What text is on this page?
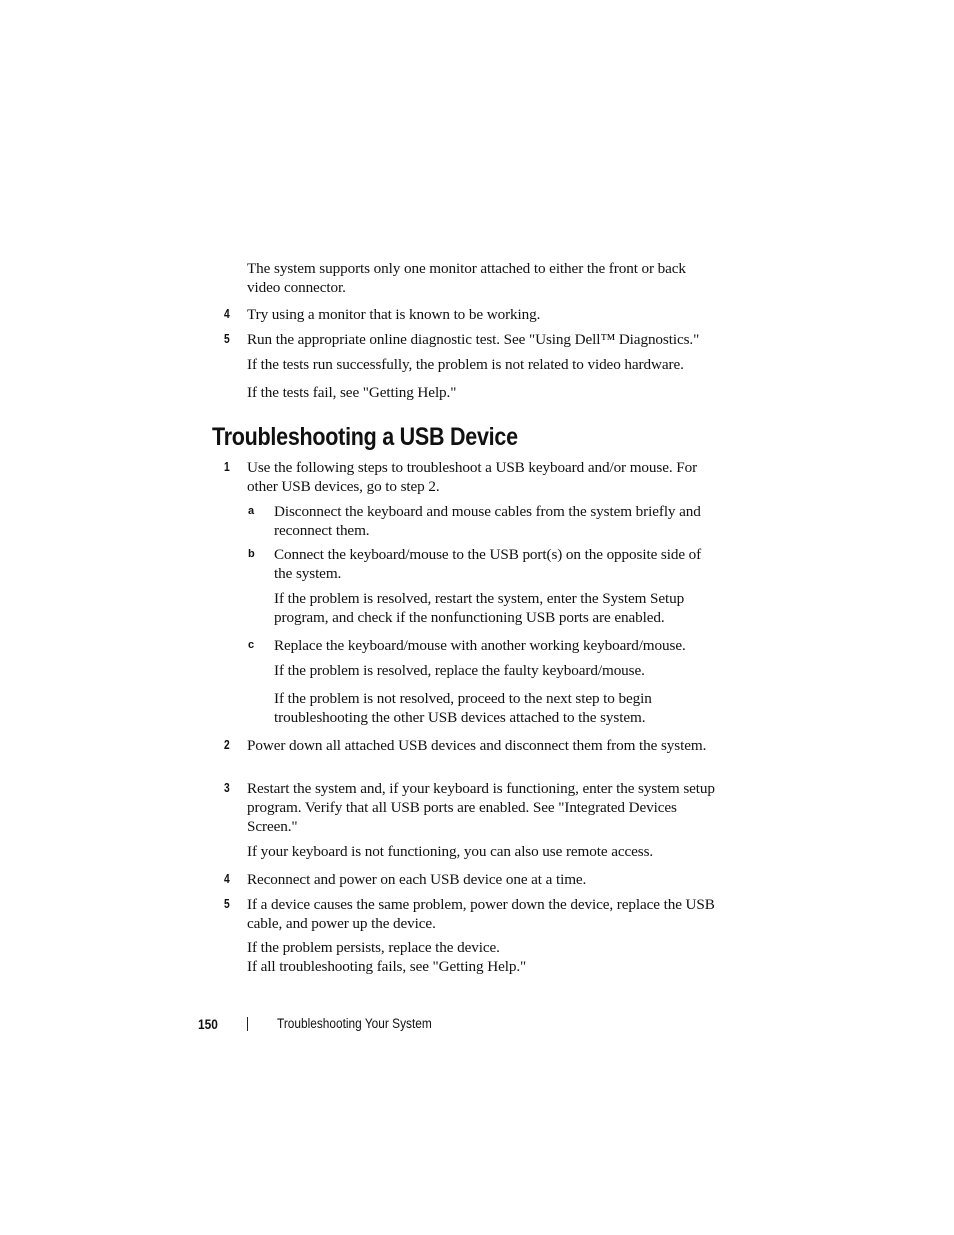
The system supports only one monitor attached to either the front or back video connector.

4 Try using a monitor that is known to be working.

5 Run the appropriate online diagnostic test. See "Using Dell™ Diagnostics."

If the tests run successfully, the problem is not related to video hardware.

If the tests fail, see "Getting Help."

Troubleshooting a USB Device
1 Use the following steps to troubleshoot a USB keyboard and/or mouse. For other USB devices, go to step 2.

a Disconnect the keyboard and mouse cables from the system briefly and reconnect them.

b Connect the keyboard/mouse to the USB port(s) on the opposite side of the system.

If the problem is resolved, restart the system, enter the System Setup program, and check if the nonfunctioning USB ports are enabled.

c Replace the keyboard/mouse with another working keyboard/mouse.

If the problem is resolved, replace the faulty keyboard/mouse.

If the problem is not resolved, proceed to the next step to begin troubleshooting the other USB devices attached to the system.

2 Power down all attached USB devices and disconnect them from the system.

3 Restart the system and, if your keyboard is functioning, enter the system setup program. Verify that all USB ports are enabled. See "Integrated Devices Screen."

If your keyboard is not functioning, you can also use remote access.

4 Reconnect and power on each USB device one at a time.

5 If a device causes the same problem, power down the device, replace the USB cable, and power up the device.

If the problem persists, replace the device.

If all troubleshooting fails, see "Getting Help."

150	Troubleshooting Your System
